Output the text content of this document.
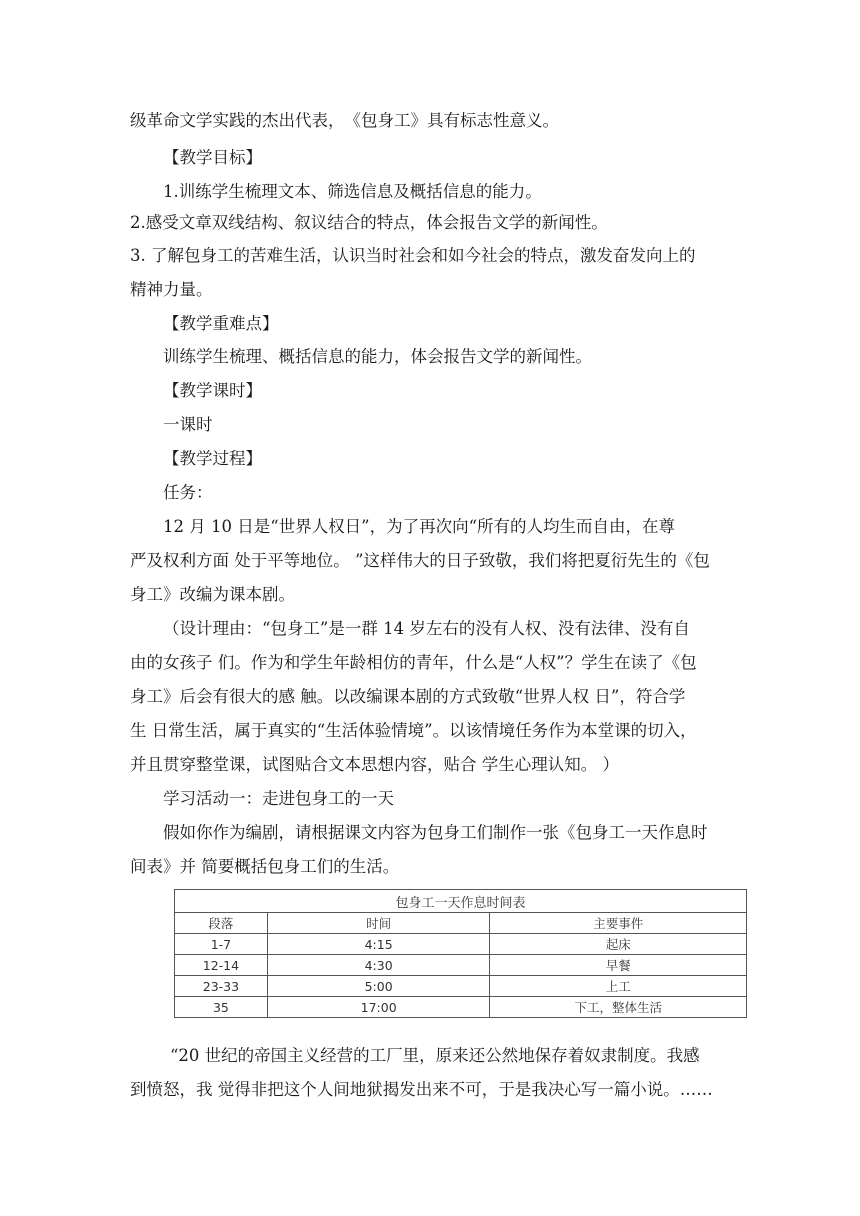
级革命文学实践的杰出代表，　《包身工》具有标志性意义。
【教学目标】
1.训练学生梳理文本、筛选信息及概括信息的能力。
2.感受文章双线结构、叙议结合的特点，体会报告文学的新闻性。
3. 了解包身工的苦难生活，认识当时社会和如今社会的特点，激发奋发向上的
精神力量。
【教学重难点】
训练学生梳理、概括信息的能力，体会报告文学的新闻性。
【教学课时】
一课时
【教学过程】
任务：
12 月 10 日是“世界人权日”，为了再次向“所有的人均生而自由，在尊
严及权利方面 处于平等地位。 ”这样伟大的日子致敬，我们将把夏衍先生的《包
身工》改编为课本剧。
（设计理由：“包身工”是一群 14 岁左右的没有人权、没有法律、没有自
由的女孩子 们。作为和学生年龄相仿的青年，什么是“人权”？学生在读了《包
身工》后会有很大的感 触。以改编课本剧的方式致敬“世界人权 日”，符合学
生 日常生活，属于真实的“生活体验情境”。以该情境任务作为本堂课的切入，
并且贯穿整堂课，试图贴合文本思想内容，贴合 学生心理认知。 ）
学习活动一：走进包身工的一天
假如你作为编剧，请根据课文内容为包身工们制作一张《包身工一天作息时
间表》并 简要概括包身工们的生活。
包身工一天作息时间表		
段落	时间	主要事件
1-7	4:15	起床
12-14	4:30	早餐
23-33	5:00	上工
35	17:00	下工，整体生活
“20 世纪的帝国主义经营的工厂里，原来还公然地保存着奴隶制度。我感
到愤怒，我 觉得非把这个人间地狱揭发出来不可，于是我决心写一篇小说。……
